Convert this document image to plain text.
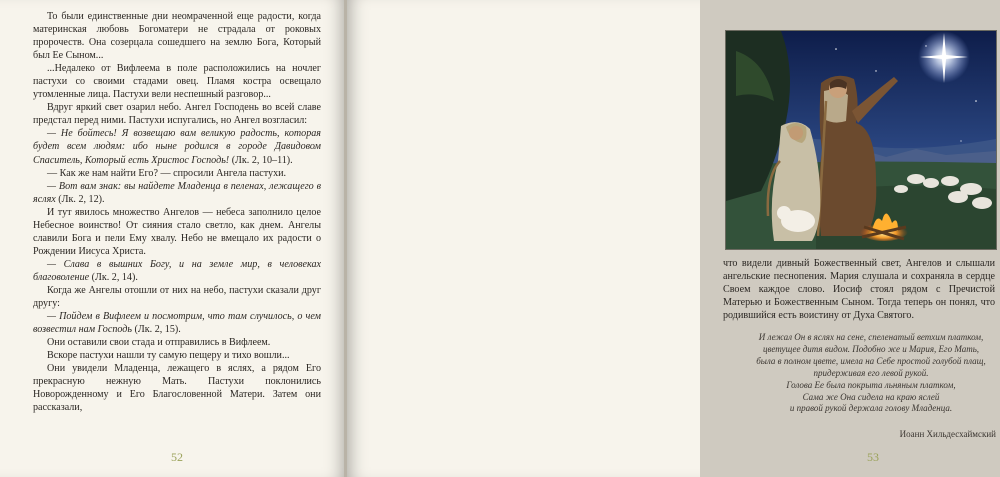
То были единственные дни неомраченной еще радости, когда материнская любовь Богоматери не страдала от роковых пророчеств. Она созерцала сошедшего на землю Бога, Который был Ее Сыном...

...Недалеко от Вифлеема в поле расположились на ночлег пастухи со своими стадами овец. Пламя костра освещало утомленные лица. Пастухи вели неспешный разговор...

Вдруг яркий свет озарил небо. Ангел Господень во всей славе предстал перед ними. Пастухи испугались, но Ангел возгласил:

— Не бойтесь! Я возвещаю вам великую радость, которая будет всем людям: ибо ныне родился в городе Давидовом Спаситель, Который есть Христос Господь! (Лк. 2, 10–11).

— Как же нам найти Его? — спросили Ангела пастухи.

— Вот вам знак: вы найдете Младенца в пеленах, лежащего в яслях (Лк. 2, 12).

И тут явилось множество Ангелов — небеса заполнило целое Небесное воинство! От сияния стало светло, как днем. Ангелы славили Бога и пели Ему хвалу. Небо не вмещало их радости о Рождении Иисуса Христа.

— Слава в вышних Богу, и на земле мир, в человеках благоволение (Лк. 2, 14).

Когда же Ангелы отошли от них на небо, пастухи сказали друг другу:

— Пойдем в Вифлеем и посмотрим, что там случилось, о чем возвестил нам Господь (Лк. 2, 15).

Они оставили свои стада и отправились в Вифлеем.

Вскоре пастухи нашли ту самую пещеру и тихо вошли...

Они увидели Младенца, лежащего в яслях, а рядом Его прекрасную нежную Мать. Пастухи поклонились Новорожденному и Его Благословенной Матери. Затем они рассказали,

52

что видели дивный Божественный свет, Ангелов и слышали ангельские песнопения. Мария слушала и сохраняла в сердце Своем каждое слово. Иосиф стоял рядом с Пречистой Матерью и Божественным Сыном. Тогда теперь он понял, что родившийся есть воистину от Духа Святого.

И лежал Он в яслях на сене, спеленатый ветхим платком,

цветущее дитя видом. Подобно же и Мария, Его Мать,

была в полном цвете, имела на Себе простой голубой плащ,

придерживая его левой рукой.

Голова Ее была покрыта льняным платком,

Сама же Она сидела на краю яслей

и правой рукой держала голову Младенца.

Иоанн Хильдесхаймский
53
